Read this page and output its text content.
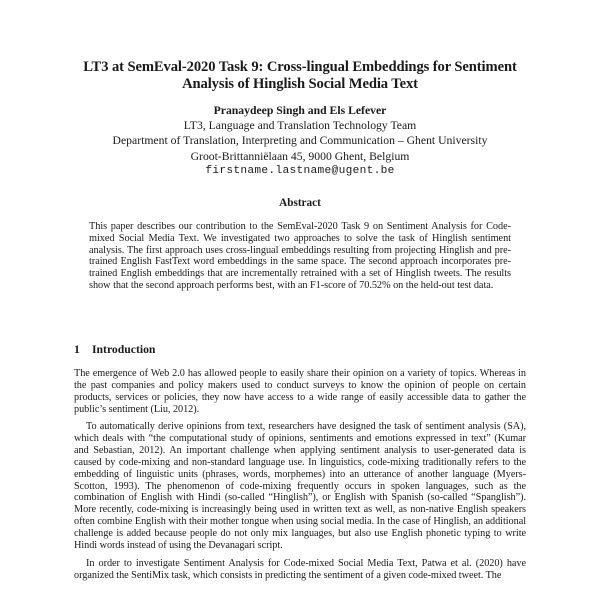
LT3 at SemEval-2020 Task 9: Cross-lingual Embeddings for Sentiment
Analysis of Hinglish Social Media Text
Pranaydeep Singh and Els Lefever
LT3, Language and Translation Technology Team
Department of Translation, Interpreting and Communication – Ghent University
Groot-Brittanniëlaan 45, 9000 Ghent, Belgium
firstname.lastname@ugent.be
Abstract
This paper describes our contribution to the SemEval-2020 Task 9 on Sentiment Analysis for Code-mixed Social Media Text. We investigated two approaches to solve the task of Hinglish sentiment analysis. The first approach uses cross-lingual embeddings resulting from projecting Hinglish and pre-trained English FastText word embeddings in the same space. The second approach incorporates pre-trained English embeddings that are incrementally retrained with a set of Hinglish tweets. The results show that the second approach performs best, with an F1-score of 70.52% on the held-out test data.
1 Introduction

The emergence of Web 2.0 has allowed people to easily share their opinion on a variety of topics. Whereas in the past companies and policy makers used to conduct surveys to know the opinion of people on certain products, services or policies, they now have access to a wide range of easily accessible data to gather the public’s sentiment (Liu, 2012).

To automatically derive opinions from text, researchers have designed the task of sentiment analysis (SA), which deals with “the computational study of opinions, sentiments and emotions expressed in text” (Kumar and Sebastian, 2012). An important challenge when applying sentiment analysis to user-generated data is caused by code-mixing and non-standard language use. In linguistics, code-mixing traditionally refers to the embedding of linguistic units (phrases, words, morphemes) into an utterance of another language (Myers-Scotton, 1993). The phenomenon of code-mixing frequently occurs in spoken languages, such as the combination of English with Hindi (so-called “Hinglish”), or English with Spanish (so-called “Spanglish”). More recently, code-mixing is increasingly being used in written text as well, as non-native English speakers often combine English with their mother tongue when using social media. In the case of Hinglish, an additional challenge is added because people do not only mix languages, but also use English phonetic typing to write Hindi words instead of using the Devanagari script.

In order to investigate Sentiment Analysis for Code-mixed Social Media Text, Patwa et al. (2020) have organized the SentiMix task, which consists in predicting the sentiment of a given code-mixed tweet. The
